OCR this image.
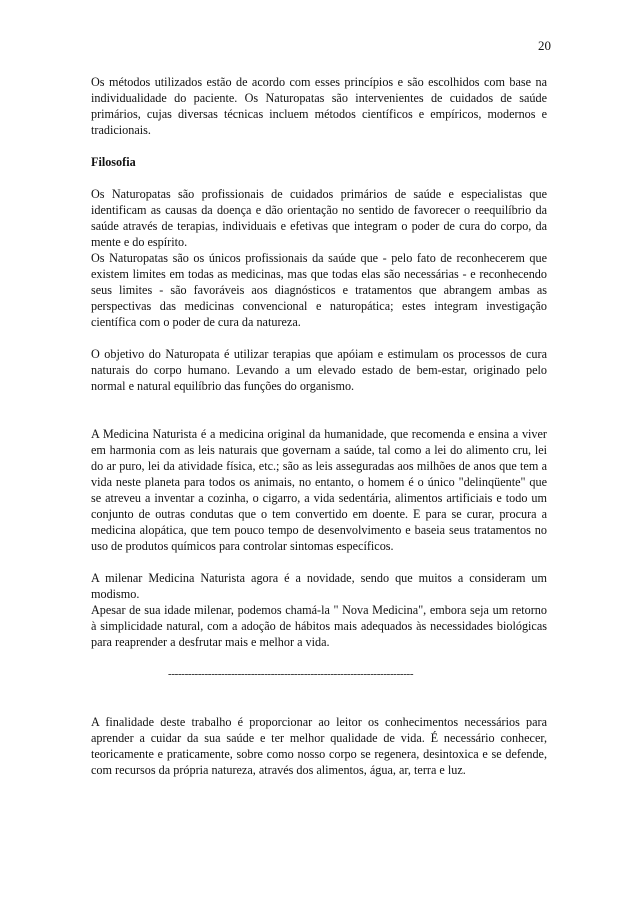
20

Os métodos utilizados estão de acordo com esses princípios e são escolhidos com base na individualidade do paciente. Os Naturopatas são intervenientes de cuidados de saúde primários, cujas diversas técnicas incluem métodos científicos e empíricos, modernos e tradicionais.

Filosofia

Os Naturopatas são profissionais de cuidados primários de saúde e especialistas que identificam as causas da doença e dão orientação no sentido de favorecer o reequilíbrio da saúde através de terapias, individuais e efetivas que integram o poder de cura do corpo, da mente e do espírito.

Os Naturopatas são os únicos profissionais da saúde que - pelo fato de reconhecerem que existem limites em todas as medicinas, mas que todas elas são necessárias - e reconhecendo seus limites - são favoráveis aos diagnósticos e tratamentos que abrangem ambas as perspectivas das medicinas convencional e naturopática; estes integram investigação científica com o poder de cura da natureza.

O objetivo do Naturopata é utilizar terapias que apóiam e estimulam os processos de cura naturais do corpo humano. Levando a um elevado estado de bem-estar, originado pelo normal e natural equilíbrio das funções do organismo.

A Medicina Naturista é a medicina original da humanidade, que recomenda e ensina a viver em harmonia com as leis naturais que governam a saúde, tal como a lei do alimento cru, lei do ar puro, lei da atividade física, etc.; são as leis asseguradas aos milhões de anos que tem a vida neste planeta para todos os animais, no entanto, o homem é o único "delinqüente" que se atreveu a inventar a cozinha, o cigarro, a vida sedentária, alimentos artificiais e todo um conjunto de outras condutas que o tem convertido em doente. E para se curar, procura a medicina alopática, que tem pouco tempo de desenvolvimento e baseia seus tratamentos no uso de produtos químicos para controlar sintomas específicos.

A milenar Medicina Naturista agora é a novidade, sendo que muitos a consideram um modismo.

Apesar de sua idade milenar, podemos chamá-la " Nova Medicina", embora seja um retorno à simplicidade natural, com a adoção de hábitos mais adequados às necessidades biológicas para reaprender a desfrutar mais e melhor a vida.

--------------------------------------------------------------------------

A finalidade deste trabalho é proporcionar ao leitor os conhecimentos necessários para aprender a cuidar da sua saúde e ter melhor qualidade de vida. É necessário conhecer, teoricamente e praticamente, sobre como nosso corpo se regenera, desintoxica e se defende, com recursos da própria natureza, através dos alimentos, água, ar, terra e luz.
